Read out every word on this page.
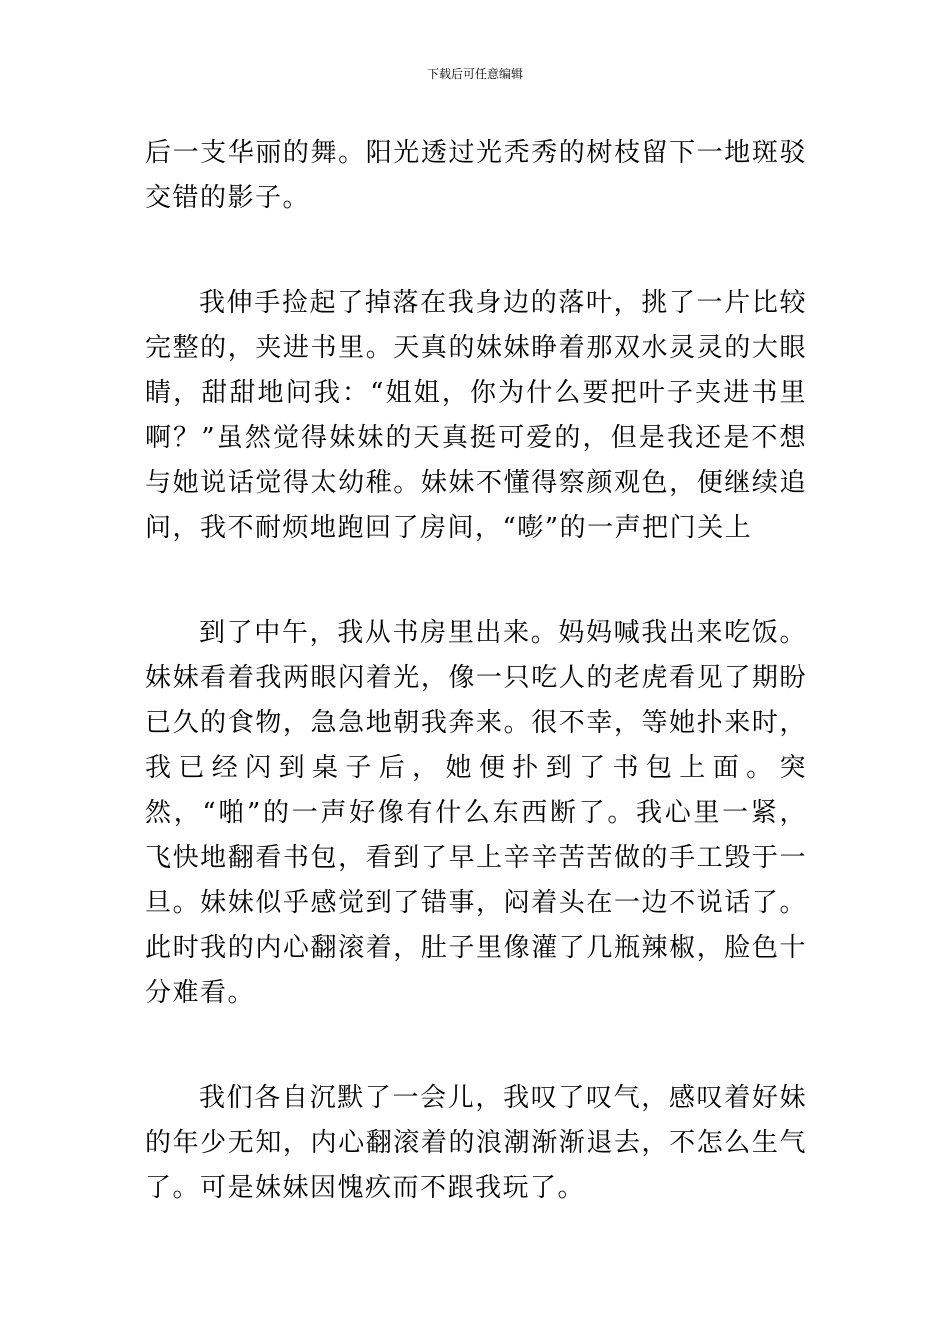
下载后可任意编辑

后一支华丽的舞。阳光透过光秃秀的树枝留下一地斑驳交错的影子。

我伸手捡起了掉落在我身边的落叶，挑了一片比较完整的，夹进书里。天真的妹妹睁着那双水灵灵的大眼睛，甜甜地问我：“姐姐，你为什么要把叶子夹进书里啊？”虽然觉得妹妹的天真挺可爱的，但是我还是不想与她说话觉得太幼稚。妹妹不懂得察颜观色，便继续追问，我不耐烦地跑回了房间，“嘭”的一声把门关上

到了中午，我从书房里出来。妈妈喊我出来吃饭。妹妹看着我两眼闪着光，像一只吃人的老虎看见了期盼已久的食物，急急地朝我奔来。很不幸，等她扑来时，我已经闪到桌子后，她便扑到了书包上面。突然，“啪”的一声好像有什么东西断了。我心里一紧，飞快地翻看书包，看到了早上辛辛苦苦做的手工毁于一旦。妹妹似乎感觉到了错事，闷着头在一边不说话了。此时我的内心翻滚着，肚子里像灌了几瓶辣椒，脸色十分难看。

我们各自沉默了一会儿，我叹了叹气，感叹着好妹的年少无知，内心翻滚着的浪潮渐渐退去，不怎么生气了。可是妹妹因愧疚而不跟我玩了。
